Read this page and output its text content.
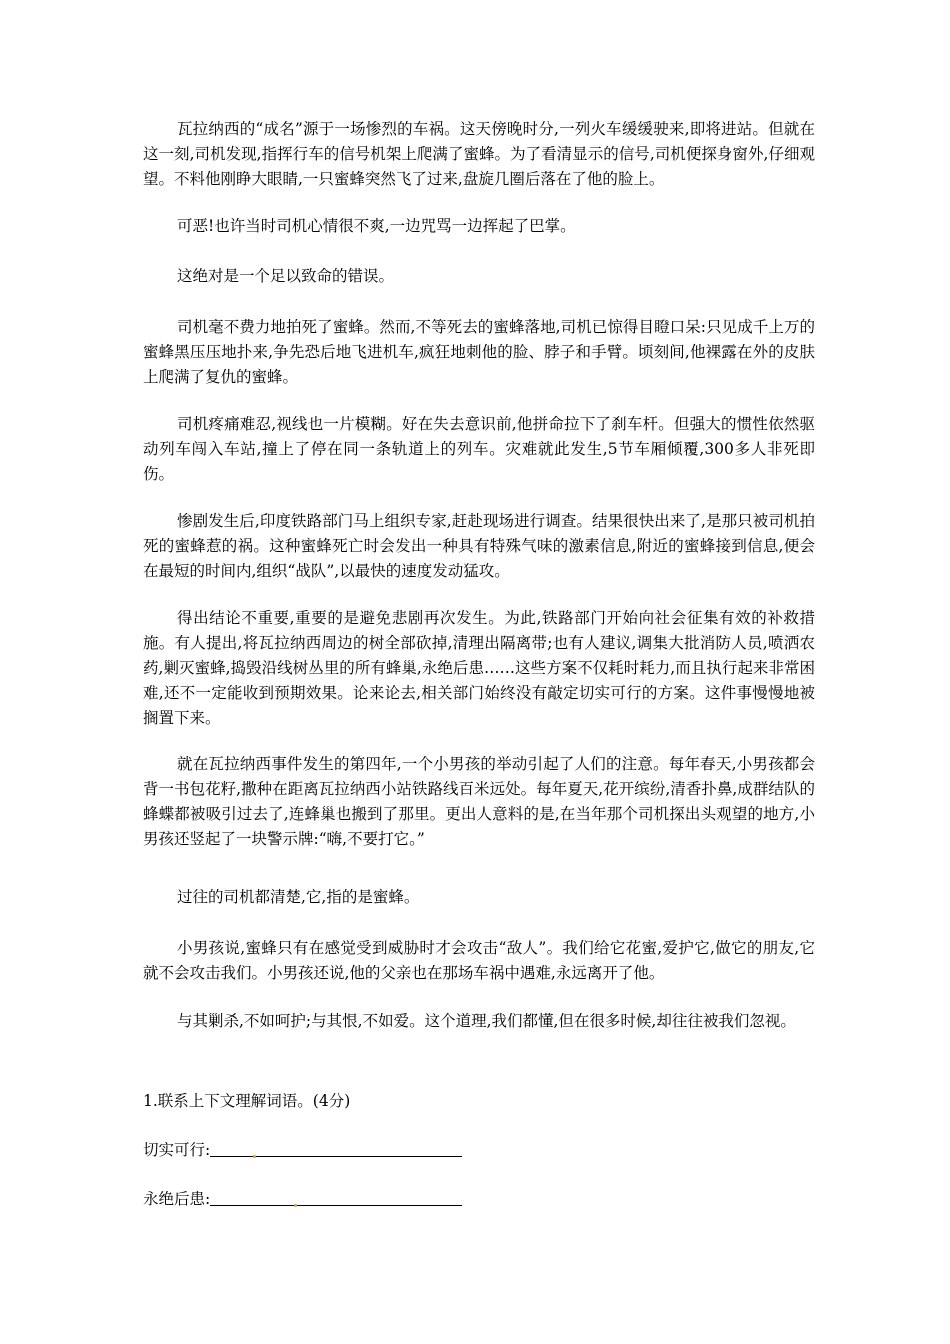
瓦拉纳西的“成名”源于一场惨烈的车祸。这天傍晚时分,一列火车缓缓驶来,即将进站。但就在这一刻,司机发现,指挥行车的信号机架上爬满了蜜蜂。为了看清显示的信号,司机便探身窗外,仔细观望。不料他刚睁大眼睛,一只蜜蜂突然飞了过来,盘旋几圈后落在了他的脸上。

可恶!也许当时司机心情很不爽,一边咒骂一边挥起了巴掌。

这绝对是一个足以致命的错误。

司机毫不费力地拍死了蜜蜂。然而,不等死去的蜜蜂落地,司机已惊得目瞪口呆:只见成千上万的蜜蜂黑压压地扑来,争先恐后地飞进机车,疯狂地刺他的脸、脖子和手臂。顷刻间,他裸露在外的皮肤上爬满了复仇的蜜蜂。

司机疼痛难忍,视线也一片模糊。好在失去意识前,他拼命拉下了刹车杆。但强大的惯性依然驱动列车闯入车站,撞上了停在同一条轨道上的列车。灾难就此发生,5节车厢倾覆,300多人非死即伤。

惨剧发生后,印度铁路部门马上组织专家,赶赴现场进行调查。结果很快出来了,是那只被司机拍死的蜜蜂惹的祸。这种蜜蜂死亡时会发出一种具有特殊气味的激素信息,附近的蜜蜂接到信息,便会在最短的时间内,组织“战队”,以最快的速度发动猛攻。

得出结论不重要,重要的是避免悲剧再次发生。为此,铁路部门开始向社会征集有效的补救措施。有人提出,将瓦拉纳西周边的树全部砍掉,清理出隔离带;也有人建议,调集大批消防人员,喷洒农药,剿灭蜜蜂,捣毁沿线树丛里的所有蜂巢,永绝后患……这些方案不仅耗时耗力,而且执行起来非常困难,还不一定能收到预期效果。论来论去,相关部门始终没有敲定切实可行的方案。这件事慢慢地被搁置下来。

就在瓦拉纳西事件发生的第四年,一个小男孩的举动引起了人们的注意。每年春天,小男孩都会背一书包花籽,撒种在距离瓦拉纳西小站铁路线百米远处。每年夏天,花开缤纷,清香扑鼻,成群结队的蜂蝶都被吸引过去了,连蜂巢也搬到了那里。更出人意料的是,在当年那个司机探出头观望的地方,小男孩还竖起了一块警示牌:“嗨,不要打它。”

过往的司机都清楚,它,指的是蜜蜂。

小男孩说,蜜蜂只有在感觉受到威胁时才会攻击“敌人”。我们给它花蜜,爱护它,做它的朋友,它就不会攻击我们。小男孩还说,他的父亲也在那场车祸中遇难,永远离开了他。

与其剿杀,不如呵护;与其恨,不如爱。这个道理,我们都懂,但在很多时候,却往往被我们忽视。

1.联系上下文理解词语。(4分)

切实可行:

永绝后患:
